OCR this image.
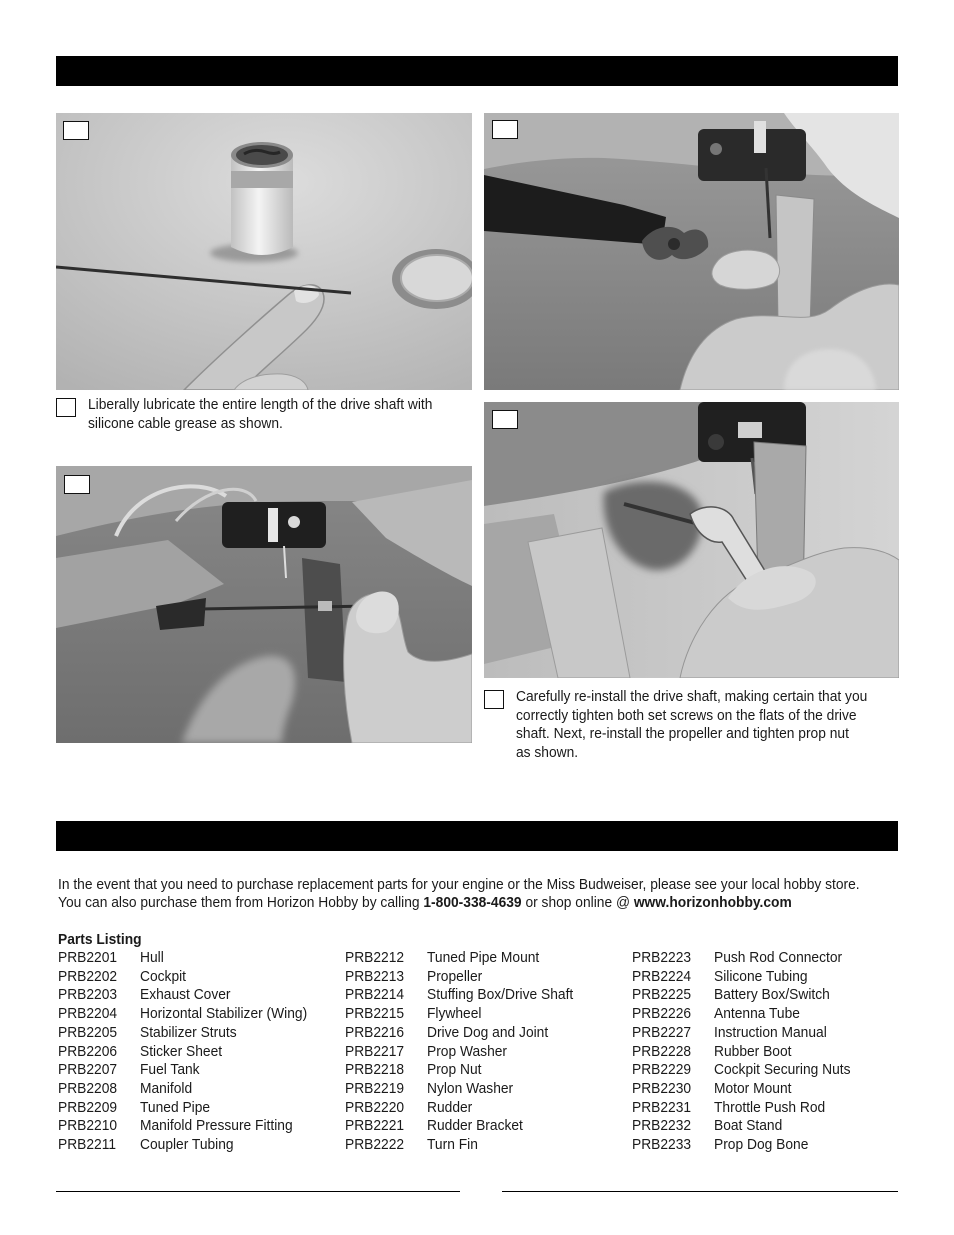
Liberally lubricate the entire length of the drive shaft with
silicone cable grease as shown.
Carefully re-install the drive shaft, making certain that you
correctly tighten both set screws on the flats of the drive
shaft. Next, re-install the propeller and tighten prop nut
as shown.
In the event that you need to purchase replacement parts for your engine or the Miss Budweiser, please see your local hobby store.
You can also purchase them from Horizon Hobby by calling 1-800-338-4639 or shop online @ www.horizonhobby.com
Parts Listing
PRB2201 Hull
PRB2202 Cockpit
PRB2203 Exhaust Cover
PRB2204 Horizontal Stabilizer (Wing)
PRB2205 Stabilizer Struts
PRB2206 Sticker Sheet
PRB2207 Fuel Tank
PRB2208 Manifold
PRB2209 Tuned Pipe
PRB2210 Manifold Pressure Fitting
PRB2211 Coupler Tubing
PRB2212 Tuned Pipe Mount
PRB2213 Propeller
PRB2214 Stuffing Box/Drive Shaft
PRB2215 Flywheel
PRB2216 Drive Dog and Joint
PRB2217 Prop Washer
PRB2218 Prop Nut
PRB2219 Nylon Washer
PRB2220 Rudder
PRB2221 Rudder Bracket
PRB2222 Turn Fin
PRB2223 Push Rod Connector
PRB2224 Silicone Tubing
PRB2225 Battery Box/Switch
PRB2226 Antenna Tube
PRB2227 Instruction Manual
PRB2228 Rubber Boot
PRB2229 Cockpit Securing Nuts
PRB2230 Motor Mount
PRB2231 Throttle Push Rod
PRB2232 Boat Stand
PRB2233 Prop Dog Bone
